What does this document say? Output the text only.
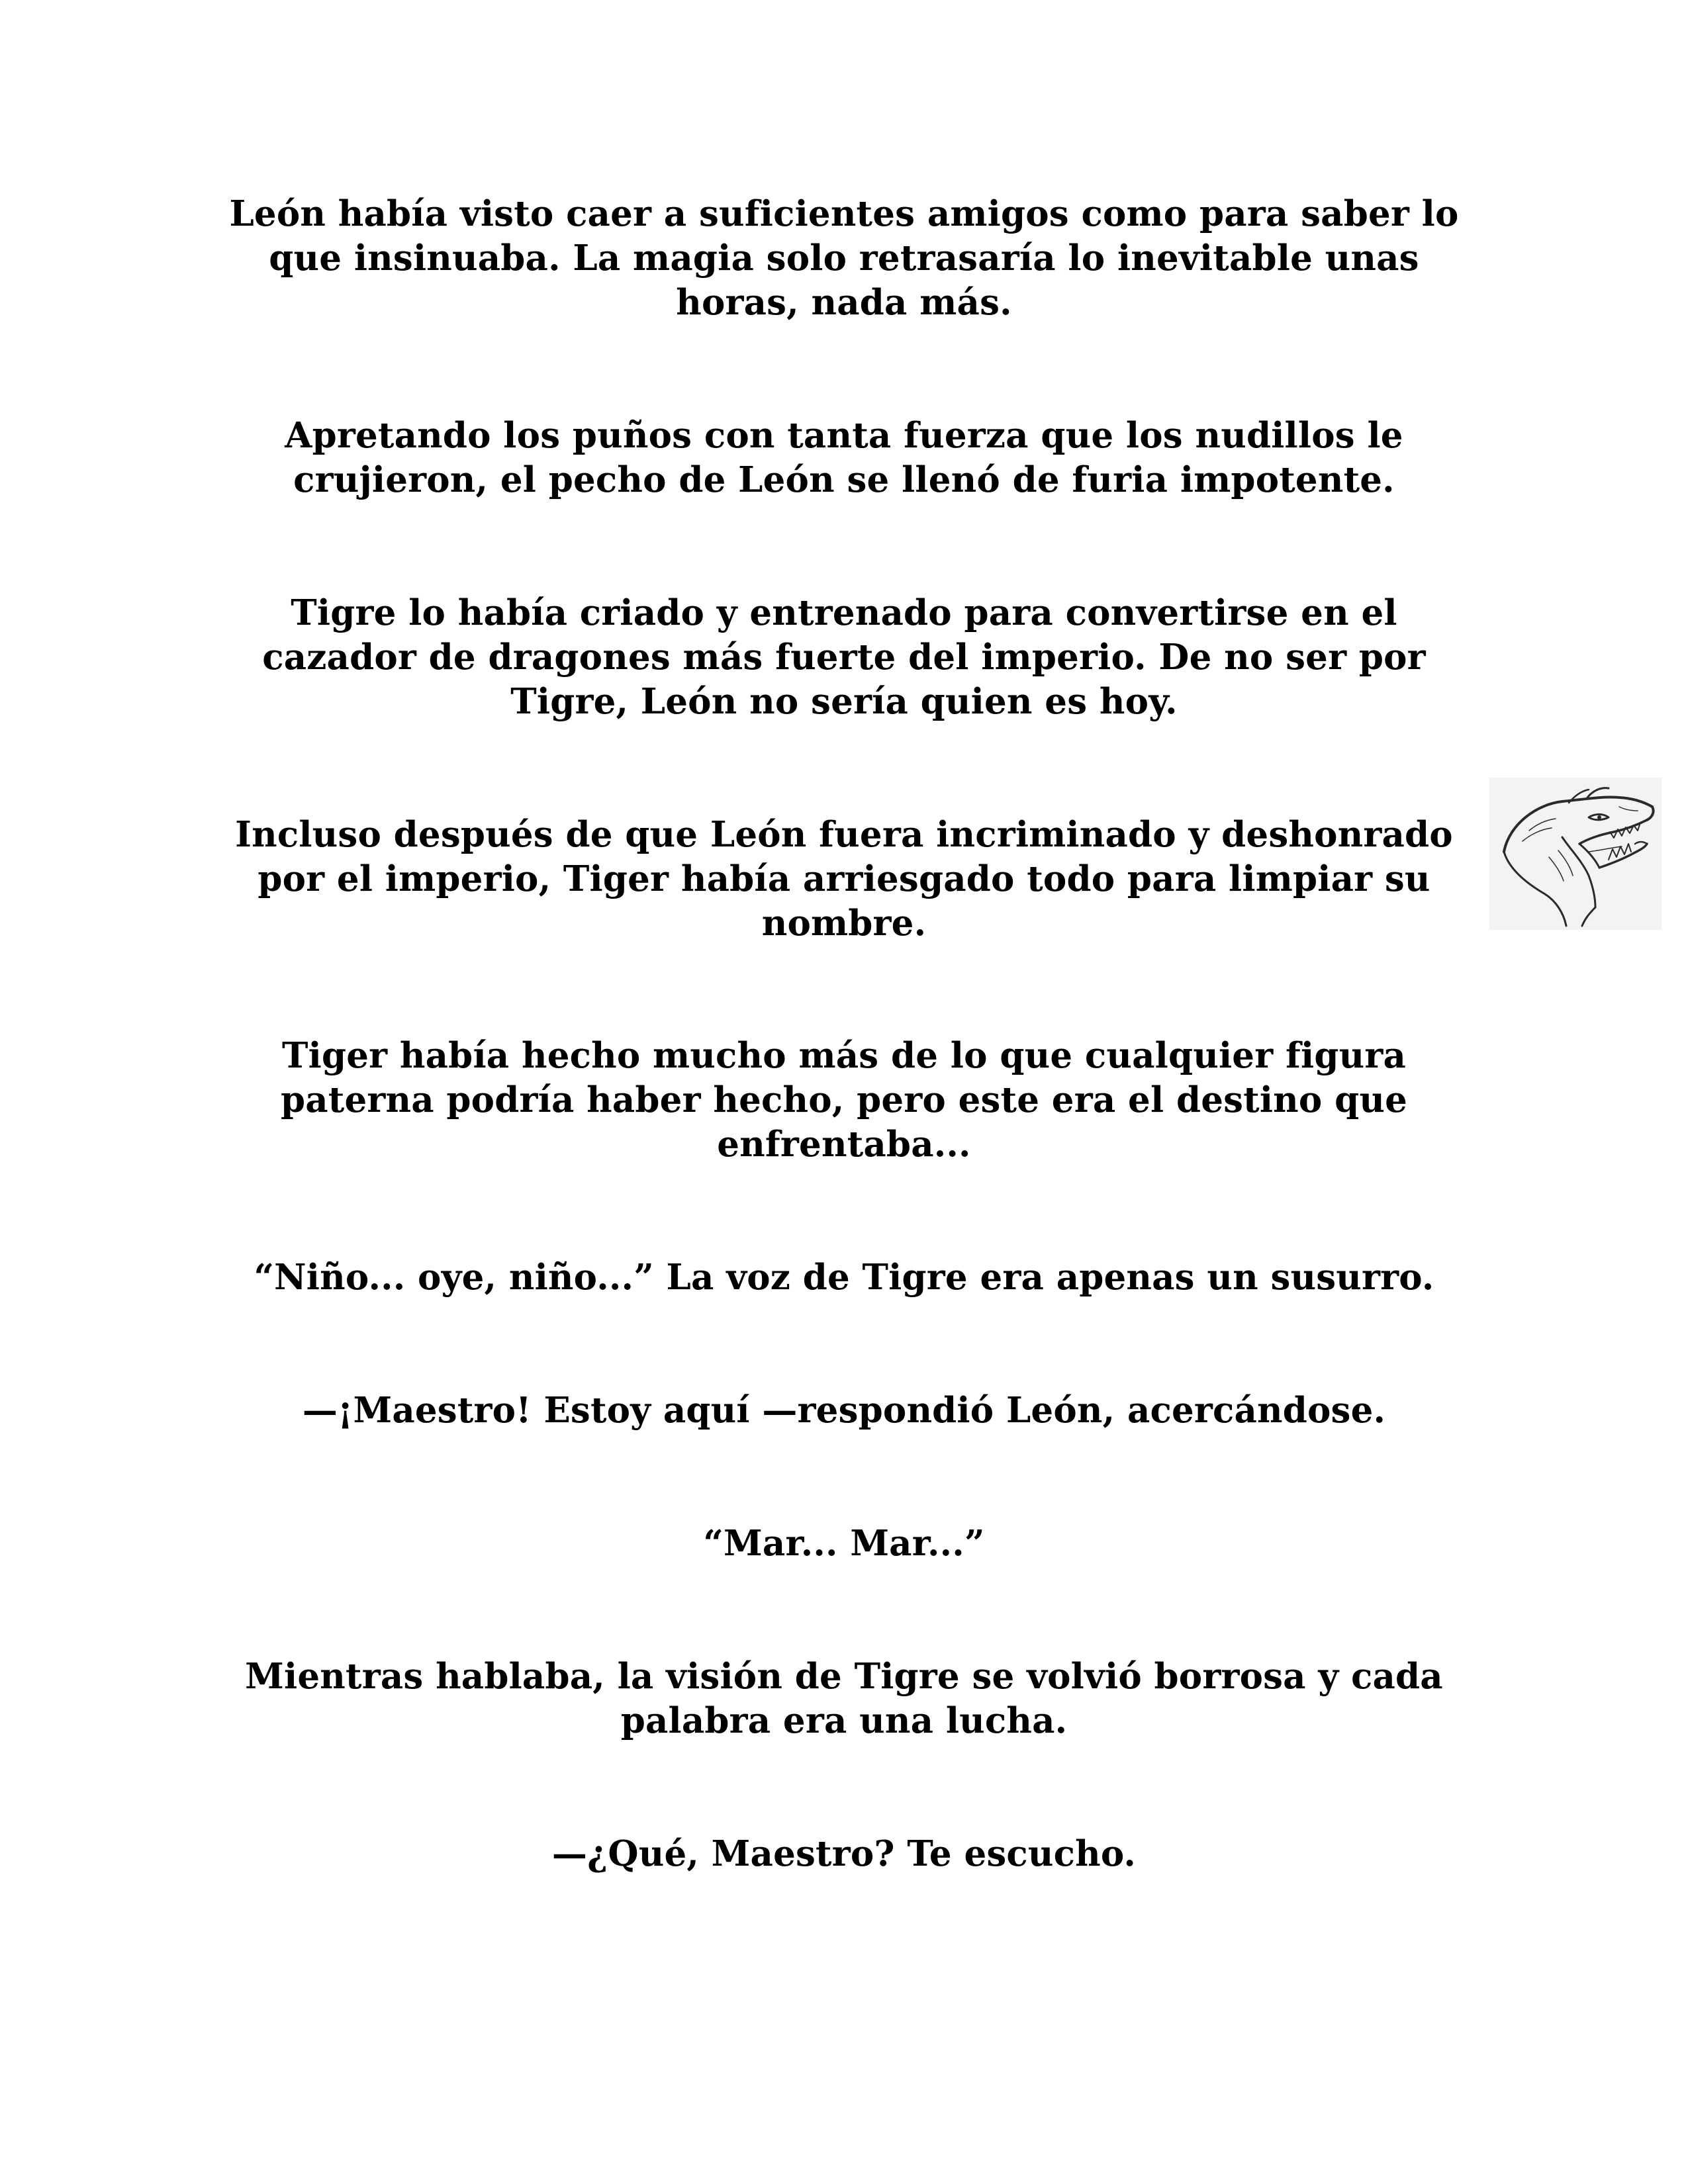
León había visto caer a suficientes amigos como para saber lo que insinuaba. La magia solo retrasaría lo inevitable unas horas, nada más.

Apretando los puños con tanta fuerza que los nudillos le crujieron, el pecho de León se llenó de furia impotente.

Tigre lo había criado y entrenado para convertirse en el cazador de dragones más fuerte del imperio. De no ser por Tigre, León no sería quien es hoy.

Incluso después de que León fuera incriminado y deshonrado por el imperio, Tiger había arriesgado todo para limpiar su nombre.

Tiger había hecho mucho más de lo que cualquier figura paterna podría haber hecho, pero este era el destino que enfrentaba...

“Niño... oye, niño...” La voz de Tigre era apenas un susurro.

—¡Maestro! Estoy aquí —respondió León, acercándose.

“Mar... Mar...”

Mientras hablaba, la visión de Tigre se volvió borrosa y cada palabra era una lucha.

—¿Qué, Maestro? Te escucho.
